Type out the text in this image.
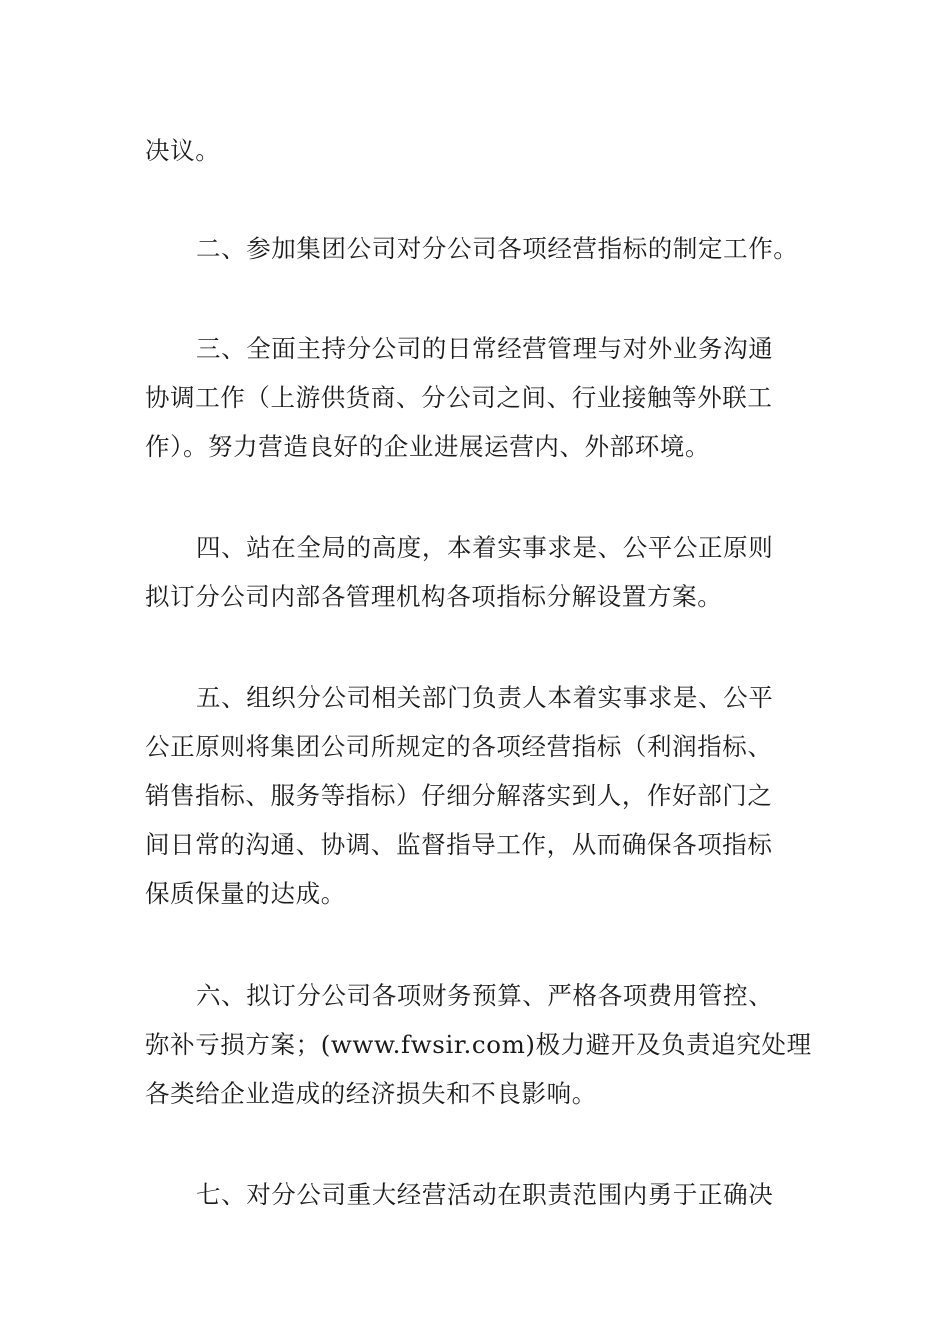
决议。
二、参加集团公司对分公司各项经营指标的制定工作。
三、全面主持分公司的日常经营管理与对外业务沟通
协调工作（上游供货商、分公司之间、行业接触等外联工
作）。努力营造良好的企业进展运营内、外部环境。
四、站在全局的高度，本着实事求是、公平公正原则
拟订分公司内部各管理机构各项指标分解设置方案。
五、组织分公司相关部门负责人本着实事求是、公平
公正原则将集团公司所规定的各项经营指标（利润指标、
销售指标、服务等指标）仔细分解落实到人，作好部门之
间日常的沟通、协调、监督指导工作，从而确保各项指标
保质保量的达成。
六、拟订分公司各项财务预算、严格各项费用管控、
弥补亏损方案；(www.fwsir.com)极力避开及负责追究处理
各类给企业造成的经济损失和不良影响。
七、对分公司重大经营活动在职责范围内勇于正确决
